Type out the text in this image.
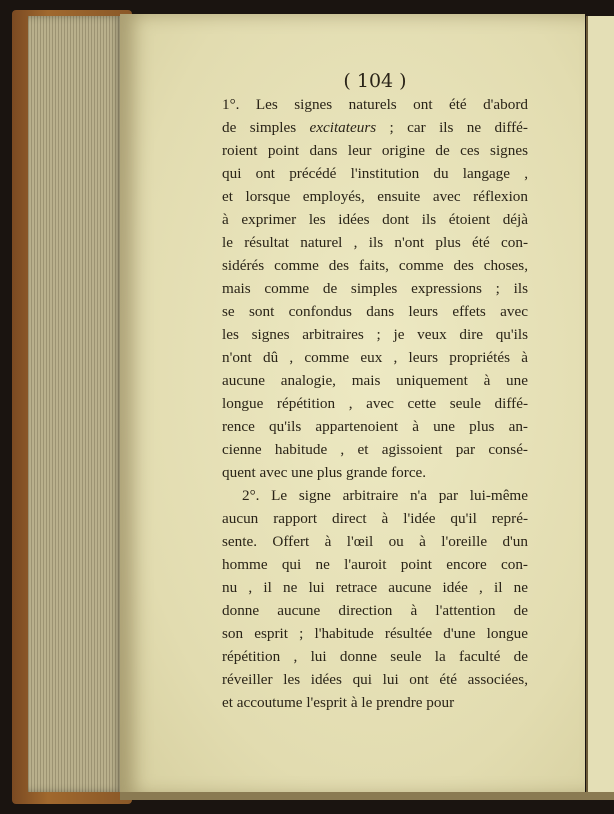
( 104 )
1°. Les signes naturels ont été d'abord
de simples excitateurs ; car ils ne diffé-
roient point dans leur origine de ces signes
qui ont précédé l'institution du langage ,
et lorsque employés, ensuite avec réflexion
à exprimer les idées dont ils étoient déjà
le résultat naturel , ils n'ont plus été con-
sidérés comme des faits, comme des choses,
mais comme de simples expressions ; ils
se sont confondus dans leurs effets avec
les signes arbitraires ; je veux dire qu'ils
n'ont dû , comme eux , leurs propriétés à
aucune analogie, mais uniquement à une
longue répétition , avec cette seule diffé-
rence qu'ils appartenoient à une plus an-
cienne habitude , et agissoient par consé-
quent avec une plus grande force.
2°. Le signe arbitraire n'a par lui-même
aucun rapport direct à l'idée qu'il repré-
sente. Offert à l'œil ou à l'oreille d'un
homme qui ne l'auroit point encore con-
nu , il ne lui retrace aucune idée , il ne
donne aucune direction à l'attention de
son esprit ; l'habitude résultée d'une longue
répétition , lui donne seule la faculté de
réveiller les idées qui lui ont été associées,
et accoutume l'esprit à le prendre pour
